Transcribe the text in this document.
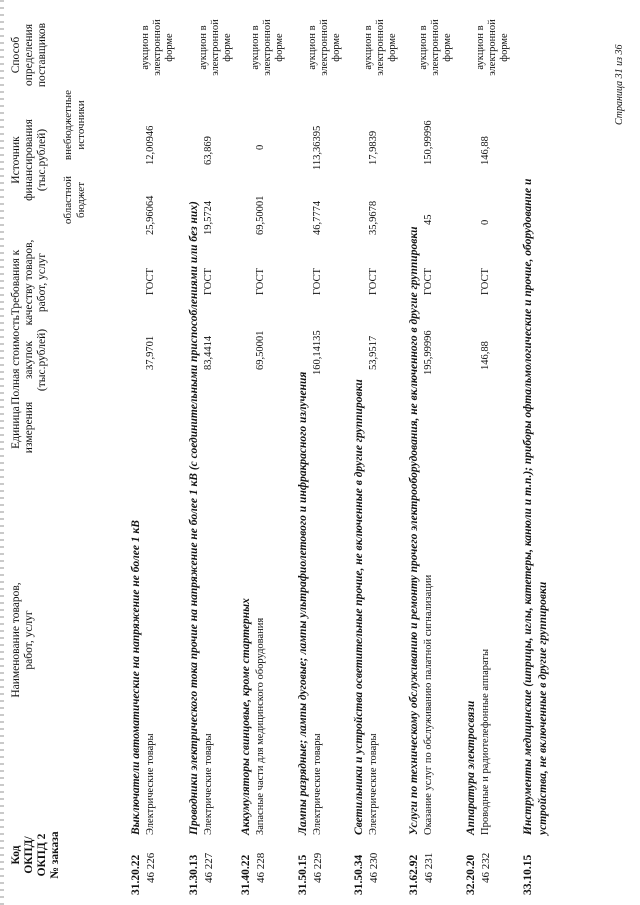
Код ОКПД/ ОКПД 2 № заказа
Наименование товаров, работ, услуг
Единица измерения
Полная стоимость закупок (тыс.рублей)
Требования к качеству товаров, работ, услуг
Источник финансирования (тыс.рублей)
областной бюджет
внебюджетные источники
Способ определения поставщиков
31.20.22
Выключатели автоматические на напряжение не более 1 кВ
46 226
Электрические товары
37,9701
ГОСТ
25,96064
12,00946
аукцион в электронной форме
31.30.13
Проводники электрического тока прочие на напряжение не более 1 кВ (с соединительными приспособлениями или без них)
46 227
Электрические товары
83,4414
ГОСТ
19,5724
63,869
аукцион в электронной форме
31.40.22
Аккумуляторы свинцовые, кроме стартерных
46 228
Запасные части для медицинского оборудования
69,50001
ГОСТ
69,50001
0
аукцион в электронной форме
31.50.15
Лампы разрядные; лампы дуговые; лампы ультрафиолетового и инфракрасного излучения
46 229
Электрические товары
160,14135
ГОСТ
46,7774
113,36395
аукцион в электронной форме
31.50.34
Светильники и устройства осветительные прочие, не включенные в другие группировки
46 230
Электрические товары
53,9517
ГОСТ
35,9678
17,9839
аукцион в электронной форме
31.62.92
Услуги по техническому обслуживанию и ремонту прочего электрооборудования, не включенного в другие группировки
46 231
Оказание услуг по обслуживанию палатной сигнализации
195,99996
ГОСТ
45
150,99996
аукцион в электронной форме
32.20.20
Аппаратура электросвязи
46 232
Проводные и радиотелефонные аппараты
146,88
ГОСТ
0
146,88
аукцион в электронной форме
33.10.15
Инструменты медицинские (шприцы, иглы, катетеры, канюли и т.п.); приборы офтальмологические и прочие, оборудование и устройства, не включенные в другие группировки
Страница 31 из 36
